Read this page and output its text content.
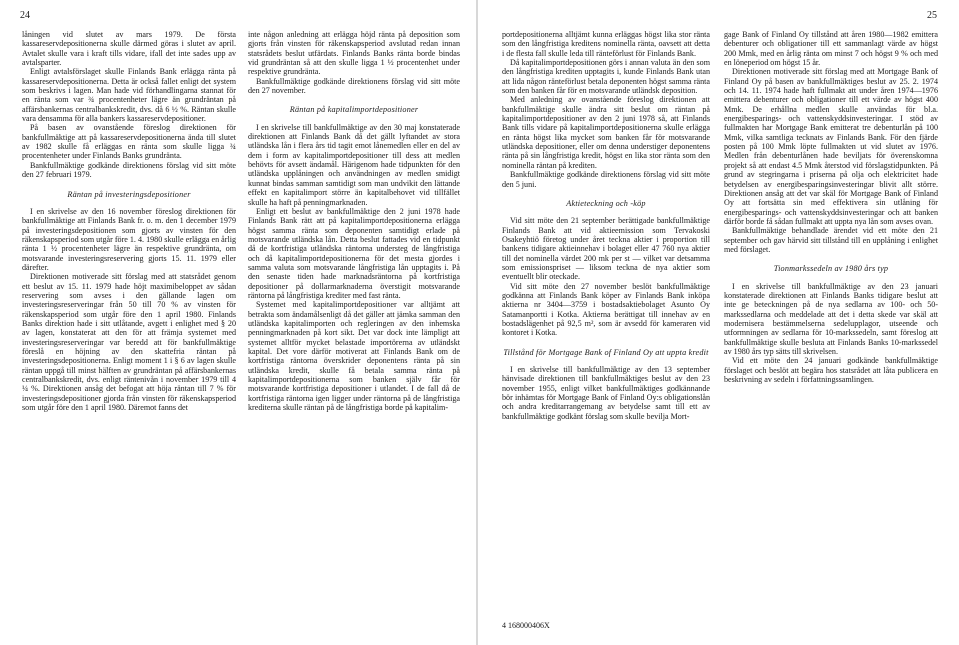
24

låningen vid slutet av mars 1979. De första kassareservdepositionerna skulle därmed göras i slutet av april. Avtalet skulle vara i kraft tills vidare, ifall det inte sades upp av avtalsparter.

Enligt avtalsförslaget skulle Finlands Bank erlägga ränta på kassareservdepositionerna. Detta är också fallet enligt det system som beskrivs i lagen. Man hade vid förhandlingarna stannat för en ränta som var ¾ procentenheter lägre än grundräntan på affärsbankernas centralbankskredit, dvs. då 6 ½ %. Räntan skulle vara densamma för alla bankers kassareservdepositioner.

På basen av ovanstående föreslog direktionen för bankfullmäktige att på kassareservdepositionerna ända till slutet av 1982 skulle få erläggas en ränta som skulle ligga ¾ procentenheter under Finlands Banks grundränta.

Bankfullmäktige godkände direktionens förslag vid sitt möte den 27 februari 1979.

Räntan på investeringsdepositioner

I en skrivelse av den 16 november föreslog direktionen för bankfullmäktige att Finlands Bank fr. o. m. den 1 december 1979 på investeringsdepositionen som gjorts av vinsten för den räkenskapsperiod som utgår före 1. 4. 1980 skulle erlägga en årlig ränta 1 ½ procentenheter lägre än respektive grundränta, om motsvarande investeringsreservering gjorts 15. 11. 1979 eller därefter.

Direktionen motiverade sitt förslag med att statsrådet genom ett beslut av 15. 11. 1979 hade höjt maximibeloppet av sådan reservering som avses i den gällande lagen om investeringsreserveringar från 50 till 70 % av vinsten för räkenskapsperiod som utgår före den 1 april 1980. Finlands Banks direktion hade i sitt utlåtande, avgett i enlighet med § 20 av lagen, konstaterat att den för att främja systemet med investeringsreserveringar var beredd att för bankfullmäktige föreslå en höjning av den skattefria räntan på investeringsdepositionerna. Enligt moment 1 i § 6 av lagen skulle räntan uppgå till minst hälften av grundräntan på affärsbankernas centralbankskredit, dvs. enligt räntenivån i november 1979 till 4 ¼ %. Direktionen ansåg det befogat att höja räntan till 7 % för investeringsdepositioner gjorda från vinsten för räkenskapsperiod som utgår före den 1 april 1980. Däremot fanns det

inte någon anledning att erlägga höjd ränta på deposition som gjorts från vinsten för räkenskapsperiod avslutad redan innan statsrådets beslut utfärdats. Finlands Banks ränta borde bindas vid grundräntan så att den skulle ligga 1 ½ procentenhet under respektive grundränta.

Bankfullmäktige godkände direktionens förslag vid sitt möte den 27 november.

Räntan på kapitalimportdepositioner

I en skrivelse till bankfullmäktige av den 30 maj konstaterade direktionen att Finlands Bank då det gällt lyftandet av stora utländska lån i flera års tid tagit emot lånemedlen eller en del av dem i form av kapitalimportdepositioner till dess att medlen behövts för avsett ändamål. Härigenom hade tidpunkten för den utländska upplåningen och användningen av medlen smidigt kunnat bindas samman samtidigt som man undvikit den lättande effekt en kapitalimport större än kapitalbehovet vid tillfället skulle ha haft på penningmarknaden.

Enligt ett beslut av bankfullmäktige den 2 juni 1978 hade Finlands Bank rätt att på kapitalimportdepositionerna erlägga högst samma ränta som deponenten samtidigt erlade på motsvarande utländska lån. Detta beslut fattades vid en tidpunkt då de kortfristiga utländska räntorna understeg de långfristiga och då kapitalimportdepositionerna för det mesta gjordes i samma valuta som motsvarande långfristiga lån upptagits i. På den senaste tiden hade marknadsräntorna på kortfristiga depositioner på dollarmarknaderna överstigit motsvarande räntorna på långfristiga krediter med fast ränta.

Systemet med kapitalimportdepositioner var alltjämt att betrakta som ändamålsenligt då det gäller att jämka samman den utländska kapitalimporten och regleringen av den inhemska penningmarknaden på kort sikt. Det var dock inte lämpligt att systemet alltför mycket belastade importörerna av utländskt kapital. Det vore därför motiverat att Finlands Bank om de kortfristiga räntorna överskrider deponentens ränta på sin utländska kredit, skulle få betala samma ränta på kapitalimportdepositionerna som banken själv får för motsvarande kortfristiga depositioner i utlandet. I de fall då de kortfristiga räntorna igen ligger under räntorna på de långfristiga krediterna skulle räntan på de långfristiga borde på kapitalim-

25

portdepositionerna alltjämt kunna erläggas högst lika stor ränta som den långfristiga kreditens nominella ränta, oavsett att detta i de flesta fall skulle leda till ränteförlust för Finlands Bank.

Då kapitalimportdepositionen görs i annan valuta än den som den långfristiga krediten upptagits i, kunde Finlands Bank utan att lida någon ränteförlust betala deponenten högst samma ränta som den banken får för en motsvarande utländsk deposition.

Med anledning av ovanstående föreslog direktionen att bankfullmäktige skulle ändra sitt beslut om räntan på kapitalimportdepositioner av den 2 juni 1978 så, att Finlands Bank tills vidare på kapitalimportdepositionerna skulle erlägga en ränta högst lika mycket som banken får för motsvarande utländska depositioner, eller om denna understiger deponentens ränta på sin långfristiga kredit, högst en lika stor ränta som den nominella räntan på krediten.

Bankfullmäktige godkände direktionens förslag vid sitt möte den 5 juni.

Aktieteckning och -köp

Vid sitt möte den 21 september berättigade bankfullmäktige Finlands Bank att vid aktieemission som Tervakoski Osakeyhtiö företog under året teckna aktier i proportion till bankens tidigare aktieinnehav i bolaget eller 47 760 nya aktier till det nominella värdet 200 mk per st — vilket var detsamma som emissionspriset — liksom teckna de nya aktier som eventuellt blir oteckade.

Vid sitt möte den 27 november beslöt bankfullmäktige godkänna att Finlands Bank köper av Finlands Bank inköpa aktierna nr 3404—3759 i bostadsaktiebolaget Asunto Oy Satamanportti i Kotka. Aktierna berättigat till innehav av en bostadslägenhet på 92,5 m², som är avsedd för kameraren vid kontoret i Kotka.

Tillstånd för Mortgage Bank of Finland Oy att uppta kredit

I en skrivelse till bankfullmäktige av den 13 september hänvisade direktionen till bankfullmäktiges beslut av den 23 november 1955, enligt vilket bankfullmäktiges godkännande bör inhämtas för Mortgage Bank of Finland Oy:s obligationslån och andra kreditarrangemang av betydelse samt till ett av bankfullmäktige godkänt förslag som skulle bevilja Mort-

gage Bank of Finland Oy tillstånd att åren 1980—1982 emittera debenturer och obligationer till ett sammanlagt värde av högst 200 Mmk, med en årlig ränta om minst 7 och högst 9 % och med en löneperiod om högst 15 år.

Direktionen motiverade sitt förslag med att Mortgage Bank of Finland Oy på basen av bankfullmäktiges beslut av 25. 2. 1974 och 14. 11. 1974 hade haft fullmakt att under åren 1974—1976 emittera debenturer och obligationer till ett värde av högst 400 Mmk. De erhållna medlen skulle användas för bl.a. energibesparings- och vattenskyddsinvesteringar. I stöd av fullmakten har Mortgage Bank emitterat tre debenturlån på 100 Mmk, vilka samtliga tecknats av Finlands Bank. För den fjärde posten på 100 Mmk löpte fullmakten ut vid slutet av 1976. Medlen från debenturlånen hade beviljats för överenskomna projekt så att endast 4.5 Mmk återstod vid förslagstidpunkten. På grund av stegringarna i priserna på olja och elektricitet hade betydelsen av energibesparingsinvesteringar blivit allt större. Direktionen ansåg att det var skäl för Mortgage Bank of Finland Oy att fortsätta sin med effektivera sin utlåning för energibesparings- och vattenskyddsinvesteringar och att banken därför borde få sådan fullmakt att uppta nya lån som avses ovan.

Bankfullmäktige behandlade ärendet vid ett möte den 21 september och gav härvid sitt tillstånd till en upplåning i enlighet med förslaget.

Tionmarkssedeln av 1980 års typ

I en skrivelse till bankfullmäktige av den 23 januari konstaterade direktionen att Finlands Banks tidigare beslut att inte ge beteckningen på de nya sedlarna av 100- och 50-markssedlarna och meddelade att det i detta skede var skäl att modernisera bestämmelserna sedelupplagor, utseende och utformningen av sedlarna för 10-markssedeln, samt föreslog att bankfullmäktige skulle besluta att Finlands Banks 10-markssedel av 1980 års typ sätts till skrivelsen.

Vid ett möte den 24 januari godkände bankfullmäktige förslaget och beslöt att begära hos statsrådet att låta publicera en beskrivning av sedeln i författningssamlingen.

4 168000406X
